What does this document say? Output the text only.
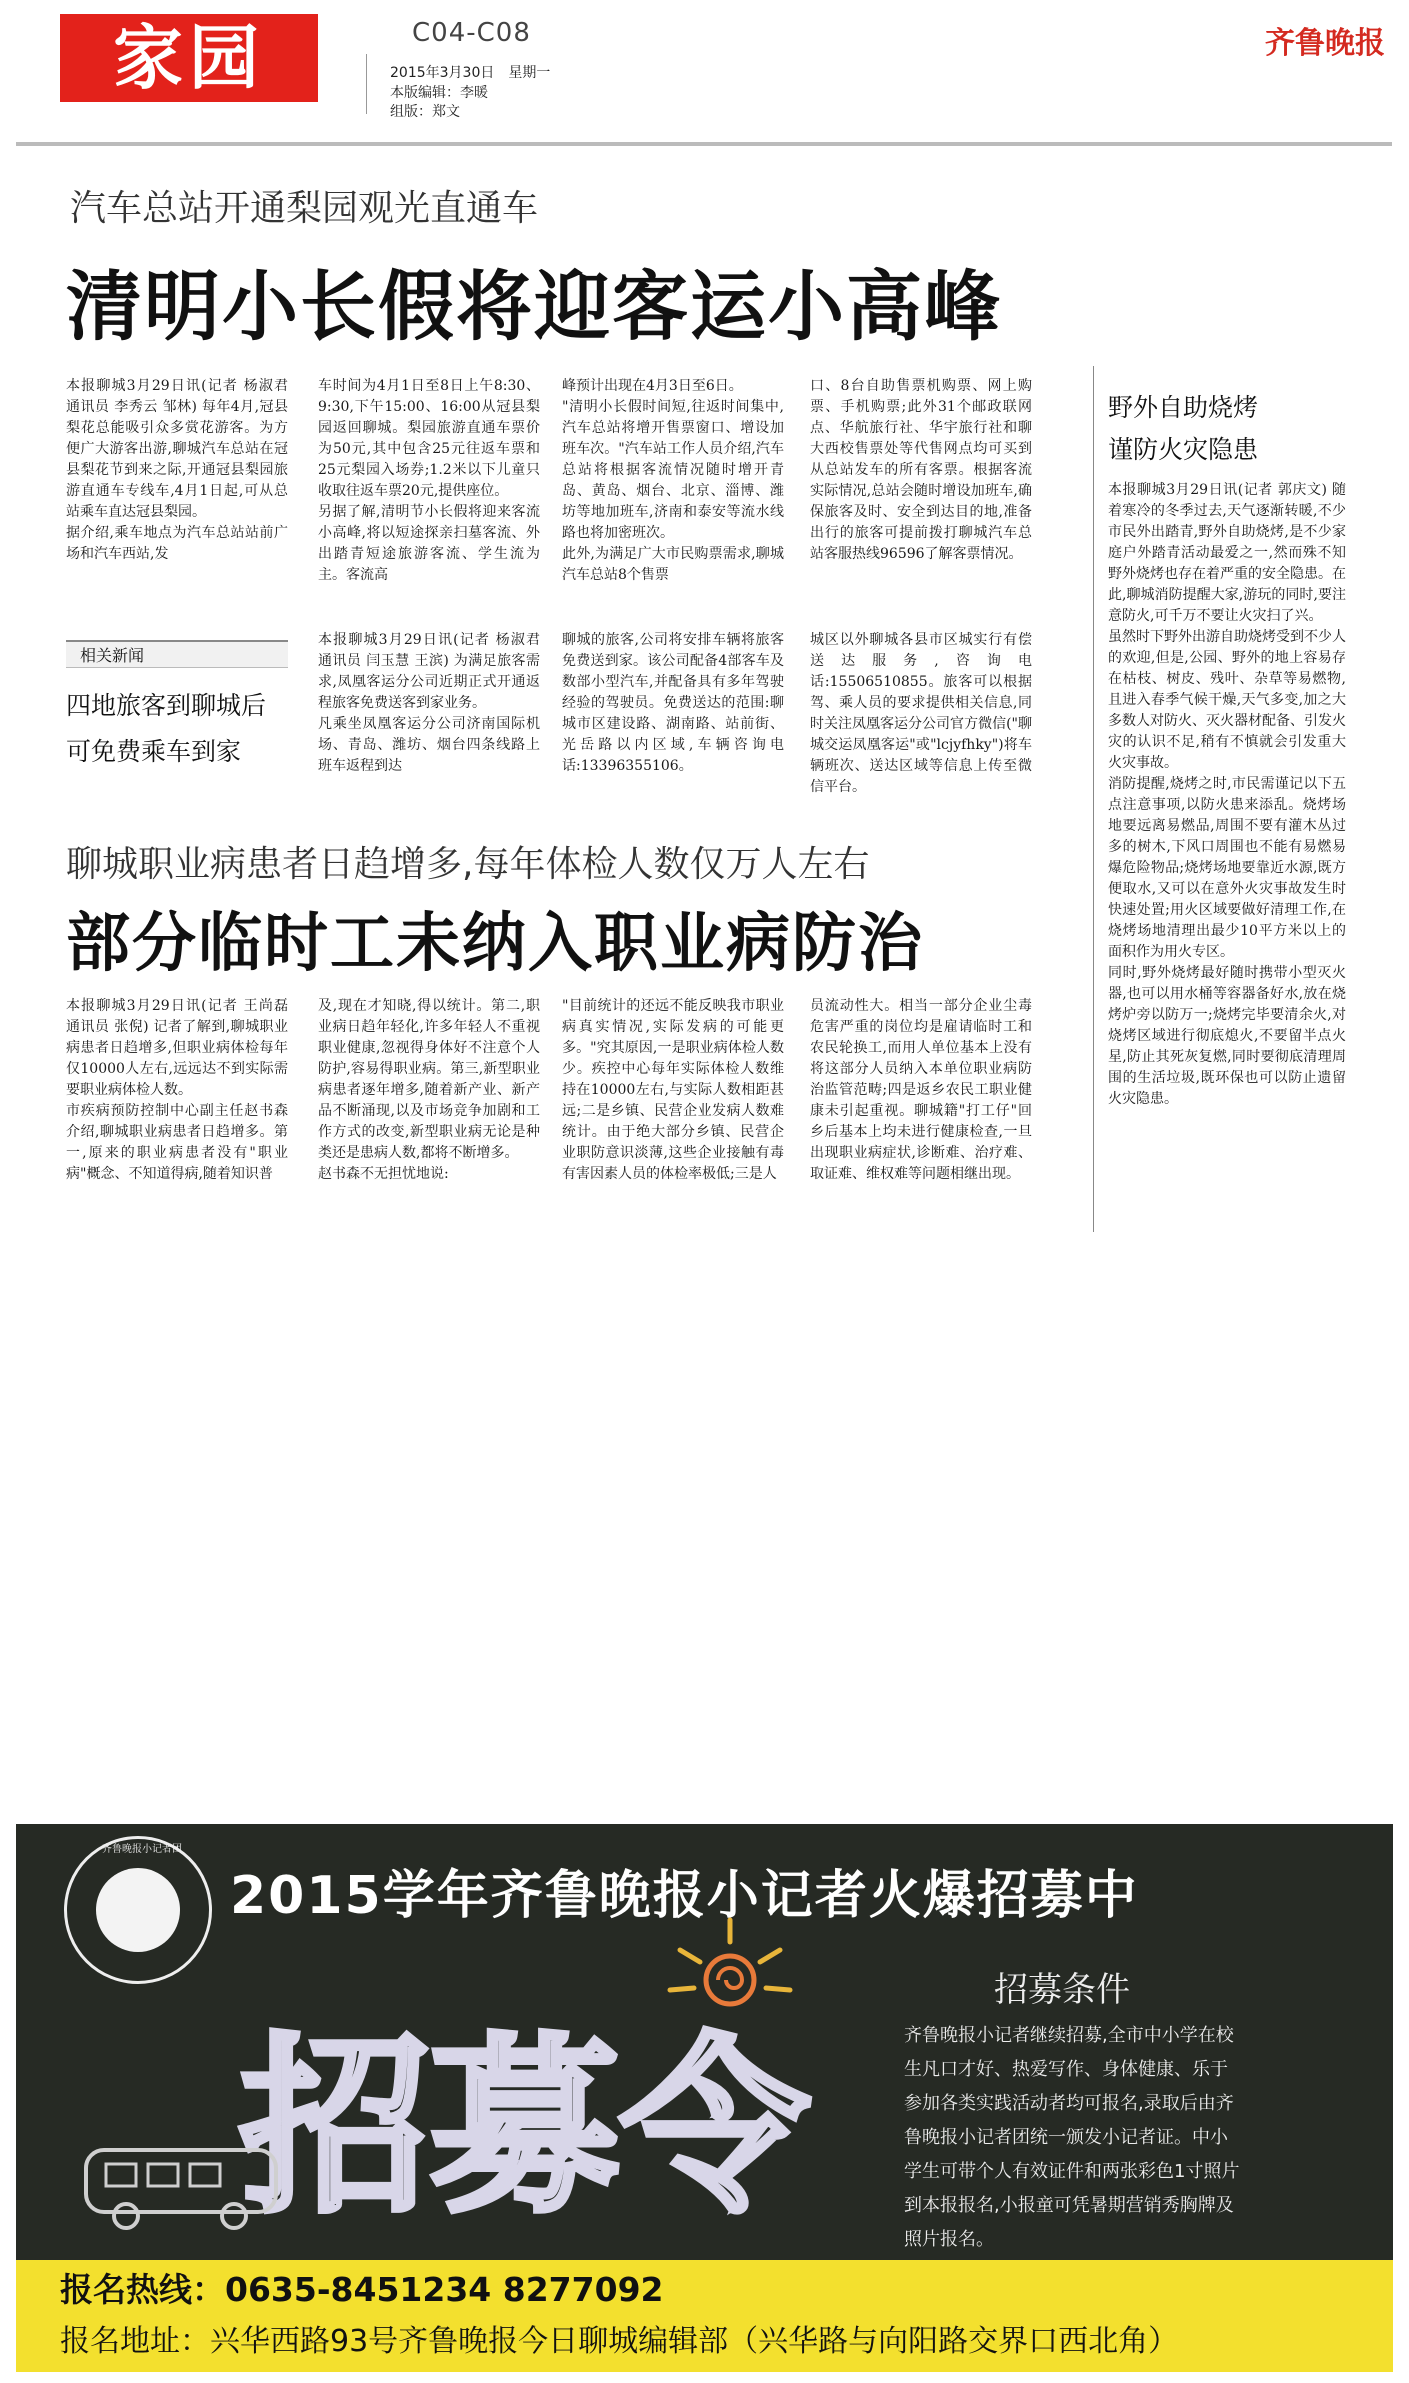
家园	C04-C08
2015年3月30日　星期一
本版编辑：李暖
组版：郑文
齐鲁晚报
汽车总站开通梨园观光直通车
清明小长假将迎客运小高峰
本报聊城3月29日讯(记者 杨淑君 通讯员 李秀云 邹林) 每年4月,冠县梨花总能吸引众多赏花游客。为方便广大游客出游,聊城汽车总站在冠县梨花节到来之际,开通冠县梨园旅游直通车专线车,4月1日起,可从总站乘车直达冠县梨园。
据介绍,乘车地点为汽车总站站前广场和汽车西站,发
车时间为4月1日至8日上午8:30、9:30,下午15:00、16:00从冠县梨园返回聊城。梨园旅游直通车票价为50元,其中包含25元往返车票和25元梨园入场券;1.2米以下儿童只收取往返车票20元,提供座位。
另据了解,清明节小长假将迎来客流小高峰,将以短途探亲扫墓客流、外出踏青短途旅游客流、学生流为主。客流高
峰预计出现在4月3日至6日。
"清明小长假时间短,往返时间集中,汽车总站将增开售票窗口、增设加班车次。"汽车站工作人员介绍,汽车总站将根据客流情况随时增开青岛、黄岛、烟台、北京、淄博、潍坊等地加班车,济南和泰安等流水线路也将加密班次。
此外,为满足广大市民购票需求,聊城汽车总站8个售票
口、8台自助售票机购票、网上购票、手机购票;此外31个邮政联网点、华航旅行社、华宇旅行社和聊大西校售票处等代售网点均可买到从总站发车的所有客票。根据客流实际情况,总站会随时增设加班车,确保旅客及时、安全到达目的地,准备出行的旅客可提前拨打聊城汽车总站客服热线96596了解客票情况。
相关新闻
四地旅客到聊城后
可免费乘车到家
本报聊城3月29日讯(记者 杨淑君 通讯员 闫玉慧 王滨) 为满足旅客需求,凤凰客运分公司近期正式开通返程旅客免费送客到家业务。
凡乘坐凤凰客运分公司济南国际机场、青岛、潍坊、烟台四条线路上班车返程到达
聊城的旅客,公司将安排车辆将旅客免费送到家。该公司配备4部客车及数部小型汽车,并配备具有多年驾驶经验的驾驶员。免费送达的范围:聊城市区建设路、湖南路、站前街、光岳路以内区域,车辆咨询电话:13396355106。
城区以外聊城各县市区城实行有偿送达服务,咨询电话:15506510855。旅客可以根据驾、乘人员的要求提供相关信息,同时关注凤凰客运分公司官方微信("聊城交运凤凰客运"或"lcjyfhky")将车辆班次、送达区域等信息上传至微信平台。
聊城职业病患者日趋增多,每年体检人数仅万人左右
部分临时工未纳入职业病防治
本报聊城3月29日讯(记者 王尚磊 通讯员 张倪) 记者了解到,聊城职业病患者日趋增多,但职业病体检每年仅10000人左右,远远达不到实际需要职业病体检人数。
市疾病预防控制中心副主任赵书森介绍,聊城职业病患者日趋增多。第一,原来的职业病患者没有"职业病"概念、不知道得病,随着知识普
及,现在才知晓,得以统计。第二,职业病日趋年轻化,许多年轻人不重视职业健康,忽视得身体好不注意个人防护,容易得职业病。第三,新型职业病患者逐年增多,随着新产业、新产品不断涌现,以及市场竞争加剧和工作方式的改变,新型职业病无论是种类还是患病人数,都将不断增多。
赵书森不无担忧地说:
"目前统计的还远不能反映我市职业病真实情况,实际发病的可能更多。"究其原因,一是职业病体检人数少。疾控中心每年实际体检人数维持在10000左右,与实际人数相距甚远;二是乡镇、民营企业发病人数难统计。由于绝大部分乡镇、民营企业职防意识淡薄,这些企业接触有毒有害因素人员的体检率极低;三是人
员流动性大。相当一部分企业尘毒危害严重的岗位均是雇请临时工和农民轮换工,而用人单位基本上没有将这部分人员纳入本单位职业病防治监管范畴;四是返乡农民工职业健康未引起重视。聊城籍"打工仔"回乡后基本上均未进行健康检查,一旦出现职业病症状,诊断难、治疗难、取证难、维权难等问题相继出现。
野外自助烧烤
谨防火灾隐患
本报聊城3月29日讯(记者 郭庆文) 随着寒冷的冬季过去,天气逐渐转暖,不少市民外出踏青,野外自助烧烤,是不少家庭户外踏青活动最爱之一,然而殊不知野外烧烤也存在着严重的安全隐患。在此,聊城消防提醒大家,游玩的同时,要注意防火,可千万不要让火灾扫了兴。
虽然时下野外出游自助烧烤受到不少人的欢迎,但是,公园、野外的地上容易存在枯枝、树皮、残叶、杂草等易燃物,且进入春季气候干燥,天气多变,加之大多数人对防火、灭火器材配备、引发火灾的认识不足,稍有不慎就会引发重大火灾事故。
消防提醒,烧烤之时,市民需谨记以下五点注意事项,以防火患来添乱。烧烤场地要远离易燃品,周围不要有灌木丛过多的树木,下风口周围也不能有易燃易爆危险物品;烧烤场地要靠近水源,既方便取水,又可以在意外火灾事故发生时快速处置;用火区域要做好清理工作,在烧烤场地清理出最少10平方米以上的面积作为用火专区。
同时,野外烧烤最好随时携带小型灭火器,也可以用水桶等容器备好水,放在烧烤炉旁以防万一;烧烤完毕要清余火,对烧烤区域进行彻底熄火,不要留半点火星,防止其死灰复燃,同时要彻底清理周围的生活垃圾,既环保也可以防止遗留火灾隐患。
齐鲁晚报小记者团
2015学年齐鲁晚报小记者火爆招募中
招募令
招募条件
齐鲁晚报小记者继续招募,全市中小学在校生凡口才好、热爱写作、身体健康、乐于参加各类实践活动者均可报名,录取后由齐鲁晚报小记者团统一颁发小记者证。中小学生可带个人有效证件和两张彩色1寸照片到本报报名,小报童可凭暑期营销秀胸牌及照片报名。
报名热线：0635-8451234 8277092
报名地址：兴华西路93号齐鲁晚报今日聊城编辑部（兴华路与向阳路交界口西北角）
